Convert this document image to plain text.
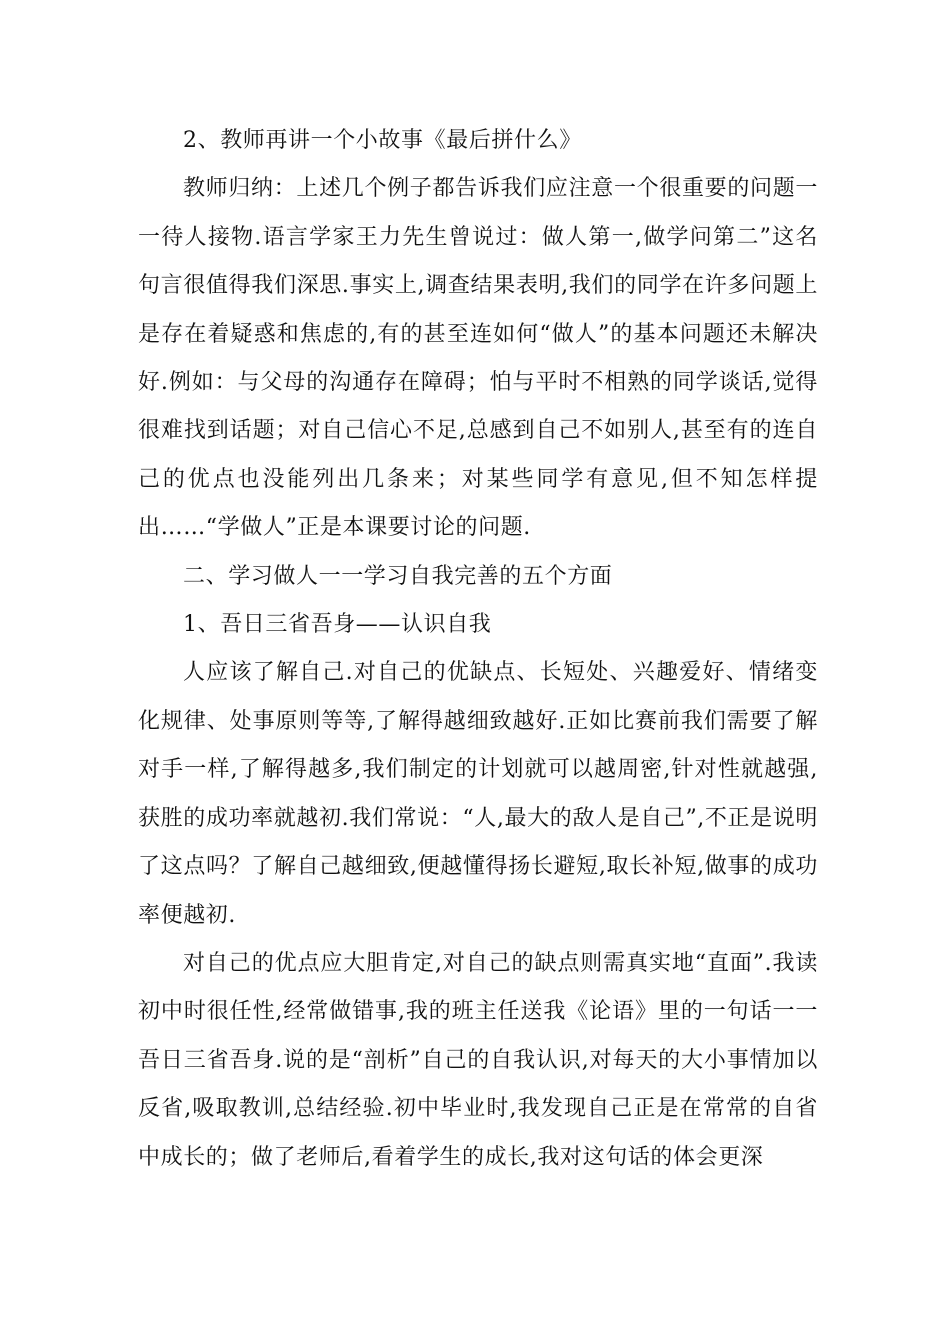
2、教师再讲一个小故事《最后拼什么》

教师归纳：上述几个例子都告诉我们应注意一个很重要的问题一一待人接物.语言学家王力先生曾说过：做人第一,做学问第二”这名句言很值得我们深思.事实上,调查结果表明,我们的同学在许多问题上是存在着疑惑和焦虑的,有的甚至连如何“做人”的基本问题还未解决好.例如：与父母的沟通存在障碍；怕与平时不相熟的同学谈话,觉得很难找到话题；对自己信心不足,总感到自己不如别人,甚至有的连自己的优点也没能列出几条来；对某些同学有意见,但不知怎样提出……“学做人”正是本课要讨论的问题.

二、学习做人一一学习自我完善的五个方面

1、吾日三省吾身——认识自我

人应该了解自己.对自己的优缺点、长短处、兴趣爱好、情绪变化规律、处事原则等等,了解得越细致越好.正如比赛前我们需要了解对手一样,了解得越多,我们制定的计划就可以越周密,针对性就越强,获胜的成功率就越初.我们常说：“人,最大的敌人是自己”,不正是说明了这点吗？了解自己越细致,便越懂得扬长避短,取长补短,做事的成功率便越初.

对自己的优点应大胆肯定,对自己的缺点则需真实地“直面”.我读初中时很任性,经常做错事,我的班主任送我《论语》里的一句话一一吾日三省吾身.说的是“剖析”自己的自我认识,对每天的大小事情加以反省,吸取教训,总结经验.初中毕业时,我发现自己正是在常常的自省中成长的；做了老师后,看着学生的成长,我对这句话的体会更深
